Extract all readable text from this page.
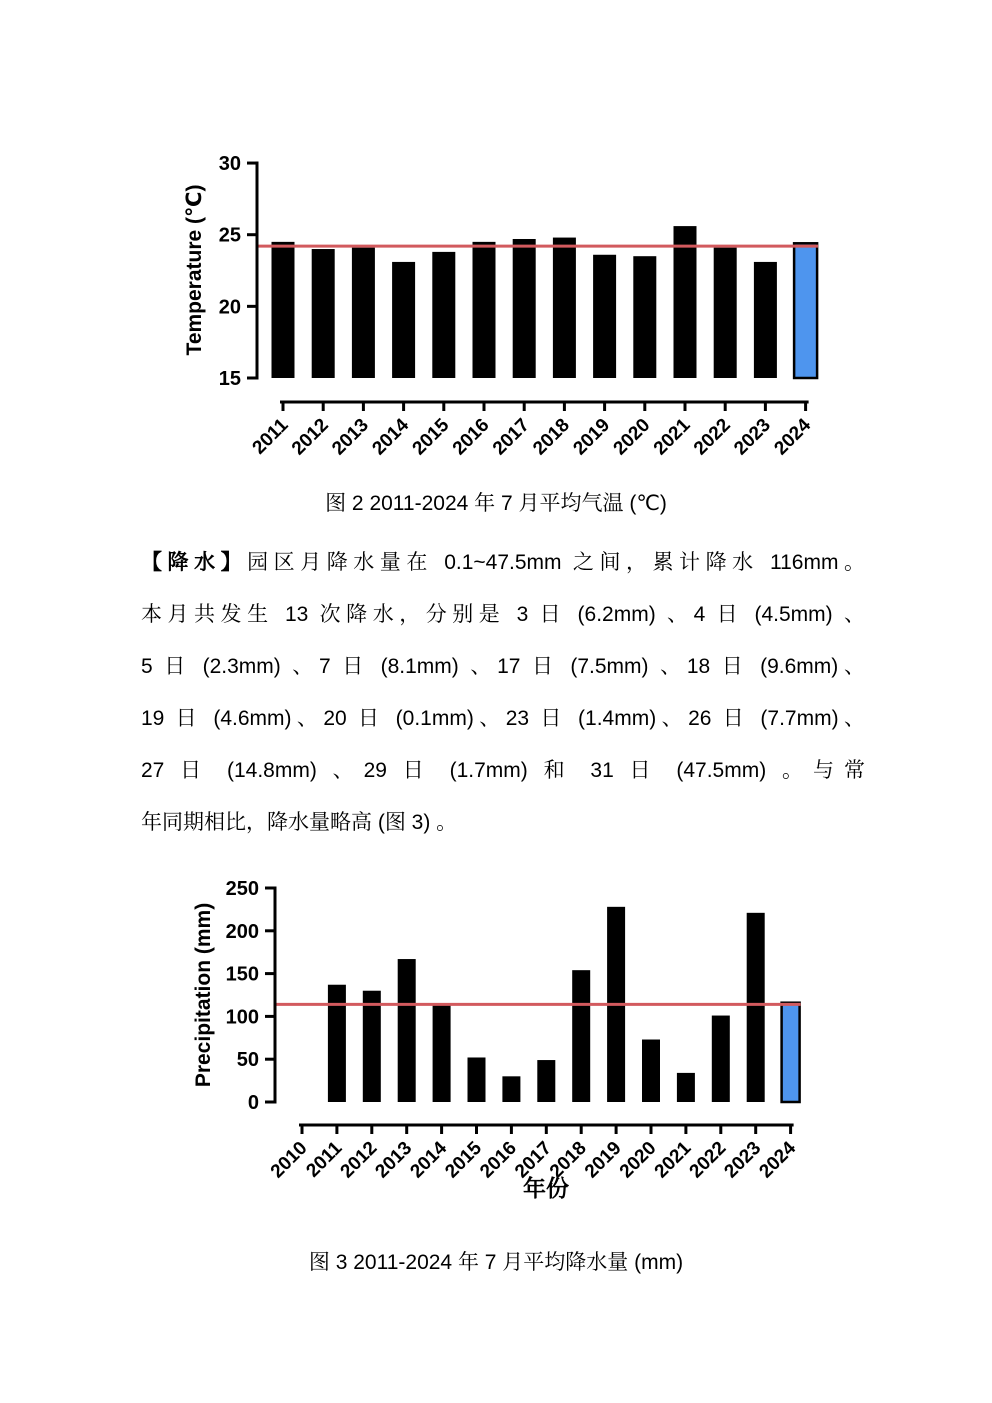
15
20
25
30
2011
2012
2013
2014
2015
2016
2017
2018
2019
2020
2021
2022
2023
2024
Temperature (℃)

图 2 2011-2024 年 7 月平均气温 (℃)

【降水】园区月降水量在 0.1~47.5mm 之间，累计降水 116mm。
本月共发生 13 次降水，分别是 3 日 (6.2mm) 、4 日 (4.5mm) 、
5 日 (2.3mm) 、7 日 (8.1mm) 、17 日 (7.5mm) 、18 日 (9.6mm)、
19 日 (4.6mm)、20 日 (0.1mm)、23 日 (1.4mm)、26 日 (7.7mm)、
27 日 (14.8mm) 、29 日 (1.7mm) 和 31 日 (47.5mm) 。与常
年同期相比，降水量略高 (图 3) 。
0
50
100
150
200
250
2010
2011
2012
2013
2014
2015
2016
2017
2018
2019
2020
2021
2022
2023
2024
Precipitation (mm)
年份

图 3 2011-2024 年 7 月平均降水量 (mm)
